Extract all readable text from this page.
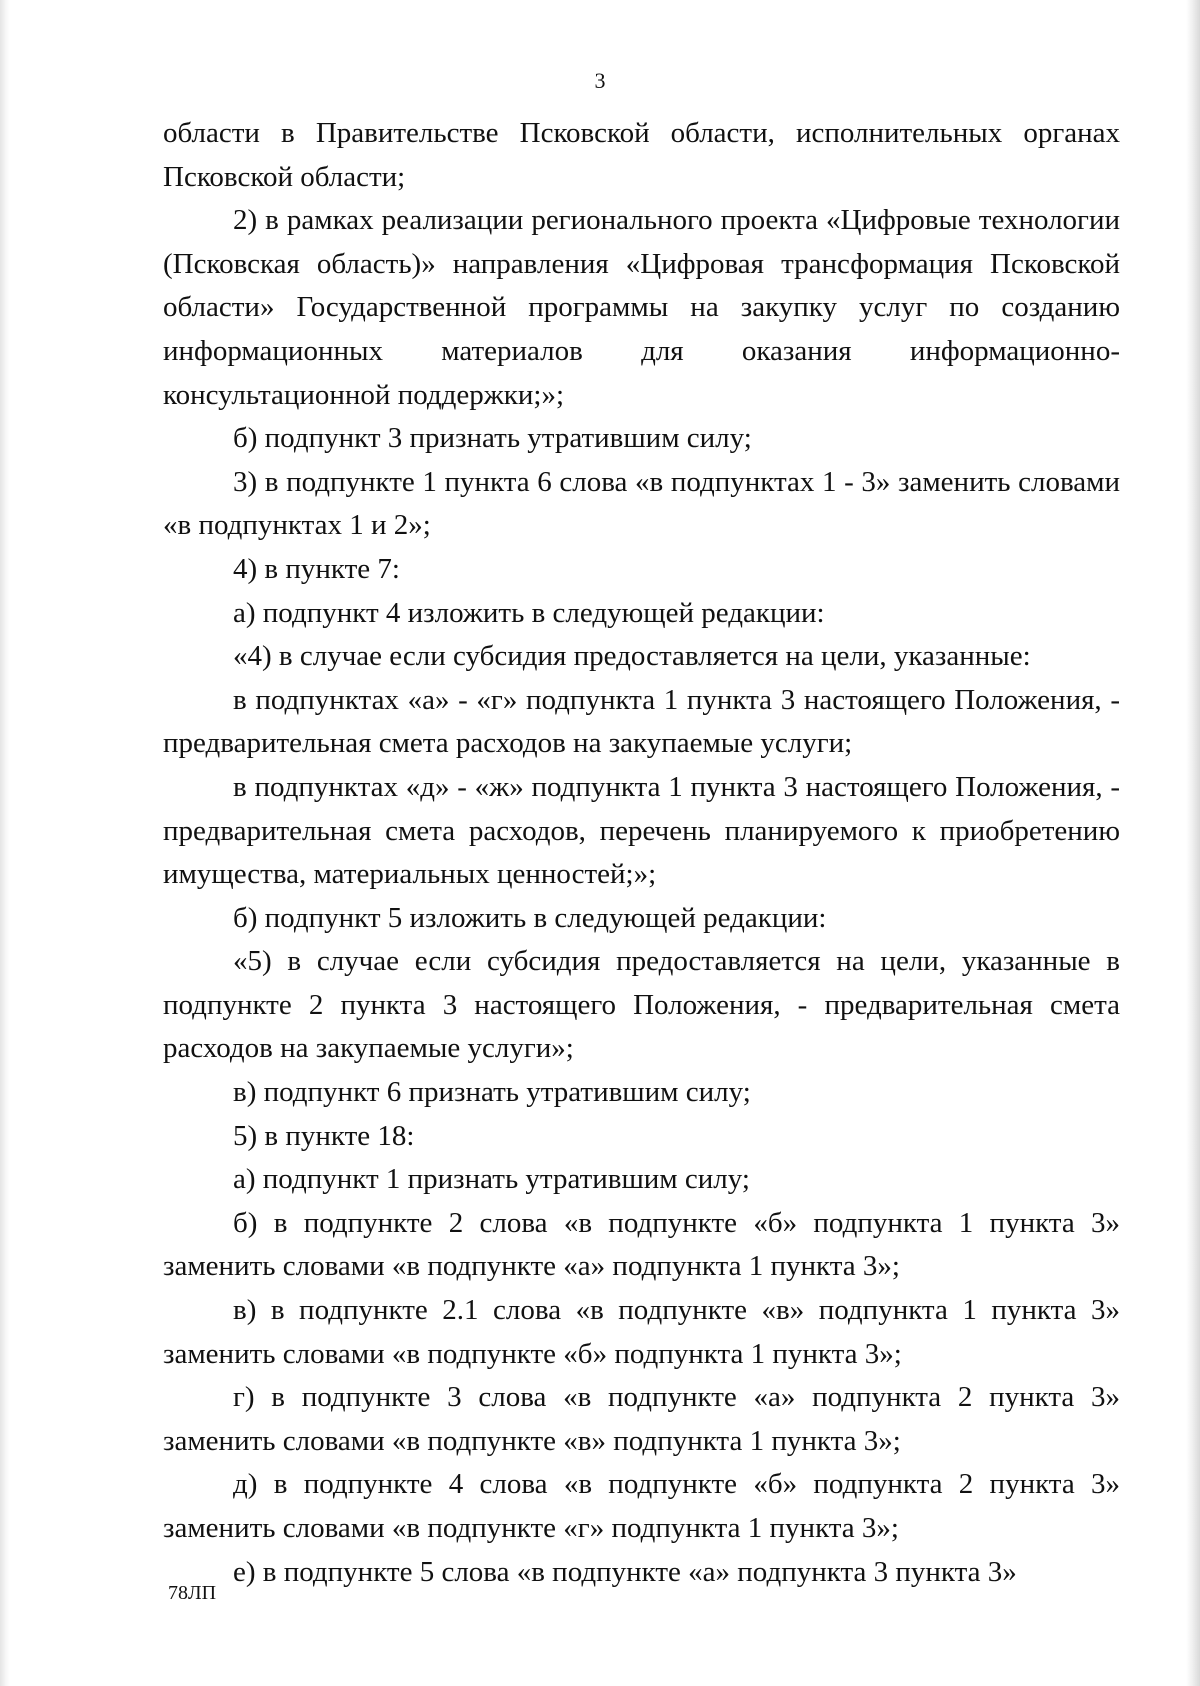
3

области в Правительстве Псковской области, исполнительных органах Псковской области;

2) в рамках реализации регионального проекта «Цифровые технологии (Псковская область)» направления «Цифровая трансформация Псковской области» Государственной программы на закупку услуг по созданию информационных материалов для оказания информационно-консультационной поддержки;»;

б) подпункт 3 признать утратившим силу;

3) в подпункте 1 пункта 6 слова «в подпунктах 1 - 3» заменить словами «в подпунктах 1 и 2»;

4) в пункте 7:

а) подпункт 4 изложить в следующей редакции:

«4) в случае если субсидия предоставляется на цели, указанные:

в подпунктах «а» - «г» подпункта 1 пункта 3 настоящего Положения, - предварительная смета расходов на закупаемые услуги;

в подпунктах «д» - «ж» подпункта 1 пункта 3 настоящего Положения, - предварительная смета расходов, перечень планируемого к приобретению имущества, материальных ценностей;»;

б) подпункт 5 изложить в следующей редакции:

«5) в случае если субсидия предоставляется на цели, указанные в подпункте 2 пункта 3 настоящего Положения, - предварительная смета расходов на закупаемые услуги»;

в) подпункт 6 признать утратившим силу;

5) в пункте 18:

а) подпункт 1 признать утратившим силу;

б) в подпункте 2 слова «в подпункте «б» подпункта 1 пункта 3» заменить словами «в подпункте «а» подпункта 1 пункта 3»;

в) в подпункте 2.1 слова «в подпункте «в» подпункта 1 пункта 3» заменить словами «в подпункте «б» подпункта 1 пункта 3»;

г) в подпункте 3 слова «в подпункте «а» подпункта 2 пункта 3» заменить словами «в подпункте «в» подпункта 1 пункта 3»;

д) в подпункте 4 слова «в подпункте «б» подпункта 2 пункта 3» заменить словами «в подпункте «г» подпункта 1 пункта 3»;

е) в подпункте 5 слова «в подпункте «а» подпункта 3 пункта 3»

78ЛП
